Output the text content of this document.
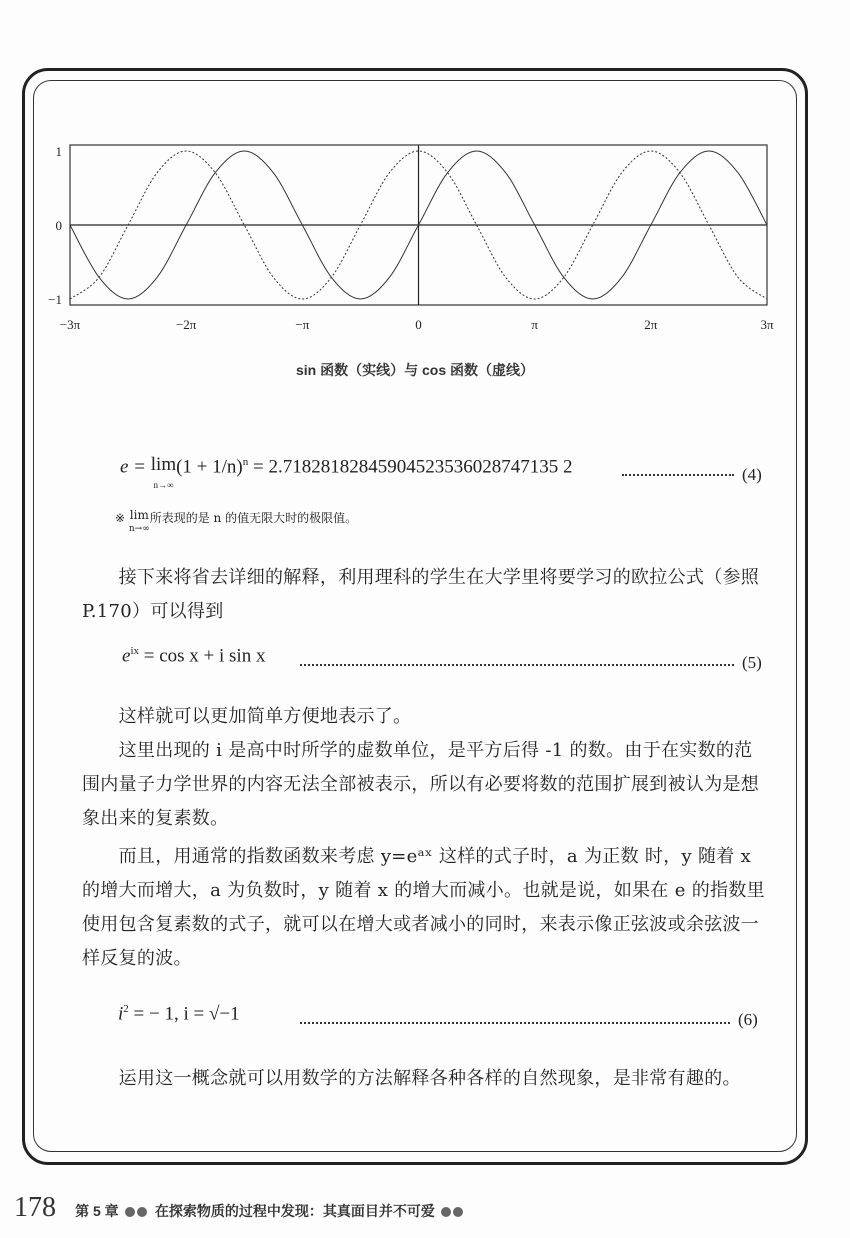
−3π	−2π	−π	0	π	2π	3π
1
0
−1
sin 函数（实线）与 cos 函数（虚线）
e = lim
$n\to\infty(1 + 1/n)^n = 2.71828182845904523536028747135$ 2	(4)
※ lim
n→∞所表现的是 n 的值无限大时的极限值。
　　接下来将省去详细的解释，利用理科的学生在大学里将要学习的欧拉公式（参照 P.170）可以得到
$e^{ix} = \cos x + i$ sin x	(5)
　　这样就可以更加简单方便地表示了。
　　这里出现的 i 是高中时所学的虚数单位，是平方后得 -1 的数。由于在实数的范围内量子力学世界的内容无法全部被表示，所以有必要将数的范围扩展到被认为是想象出来的复素数。
　　而且，用通常的指数函数来考虑 y=eᵃˣ 这样的式子时，a 为正数 时，y 随着 x 的增大而增大，a 为负数时，y 随着 x 的增大而减小。也就是说，如果在 e 的指数里使用包含复素数的式子，就可以在增大或者减小的同时，来表示像正弦波或余弦波一样反复的波。
$i^2$ = − 1, i = √−1	(6)
　　运用这一概念就可以用数学的方法解释各种各样的自然现象，是非常有趣的。
178 第 5 章	在探索物质的过程中发现：其真面目并不可爱
